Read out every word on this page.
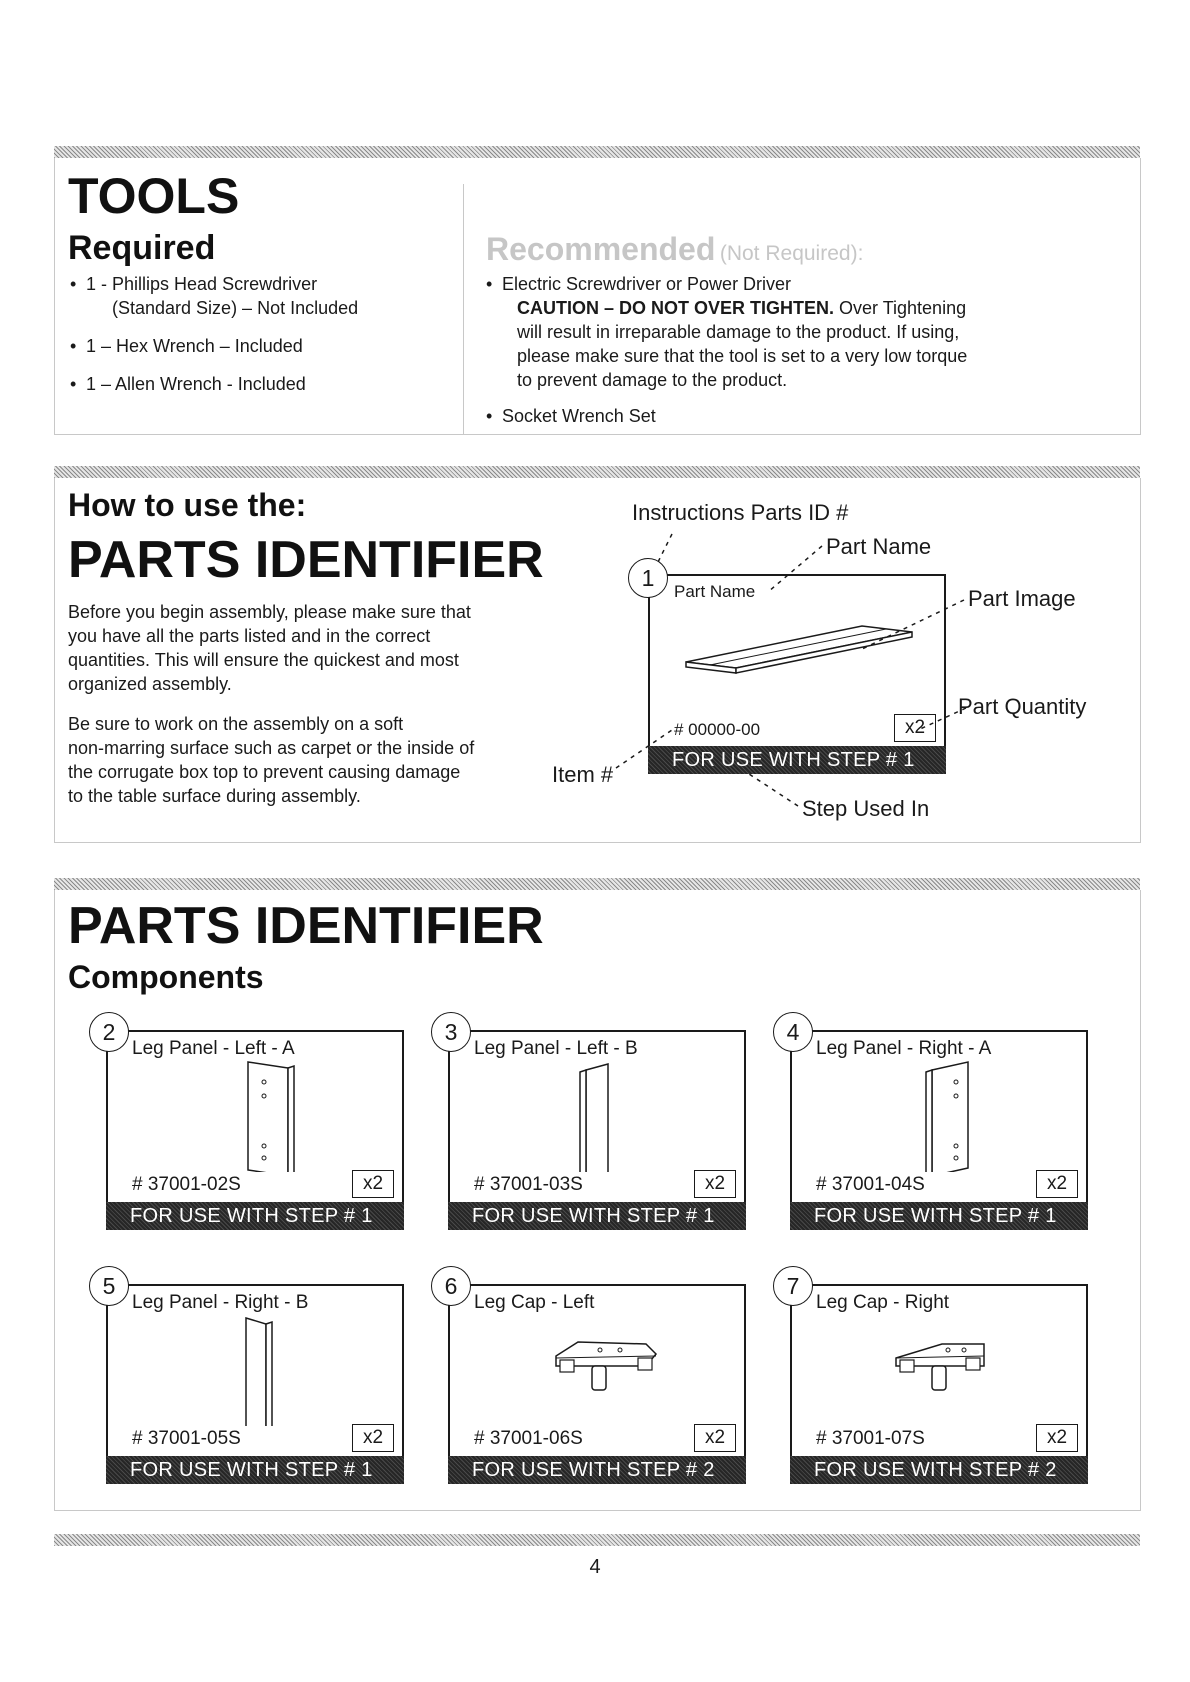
TOOLS
Required
• 1 - Phillips Head Screwdriver
(Standard Size) – Not Included
• 1 – Hex Wrench – Included
• 1 – Allen Wrench - Included
Recommended (Not Required):
• Electric Screwdriver or Power Driver
CAUTION – DO NOT OVER TIGHTEN. Over Tightening
will result in irreparable damage to the product. If using,
please make sure that the tool is set to a very low torque
to prevent damage to the product.
• Socket Wrench Set
How to use the:
PARTS IDENTIFIER
Before you begin assembly, please make sure that
you have all the parts listed and in the correct
quantities. This will ensure the quickest and most
organized assembly.
Be sure to work on the assembly on a soft
non-marring surface such as carpet or the inside of
the corrugate box top to prevent causing damage
to the table surface during assembly.
Instructions Parts ID #
Part Name
Part Image
Part Quantity
Item #
Step Used In
Part Name
# 00000-00	x2
FOR USE WITH STEP # 1
1
PARTS IDENTIFIER
Components
Leg Panel - Left - A
# 37001-02S	x2
FOR USE WITH STEP # 1
2
Leg Panel - Left - B
# 37001-03S	x2
FOR USE WITH STEP # 1
3
Leg Panel - Right - A
# 37001-04S	x2
FOR USE WITH STEP # 1
4
Leg Panel - Right - B
# 37001-05S	x2
FOR USE WITH STEP # 1
5
Leg Cap - Left
# 37001-06S	x2
FOR USE WITH STEP # 2
6
Leg Cap - Right
# 37001-07S	x2
FOR USE WITH STEP # 2
7
4
